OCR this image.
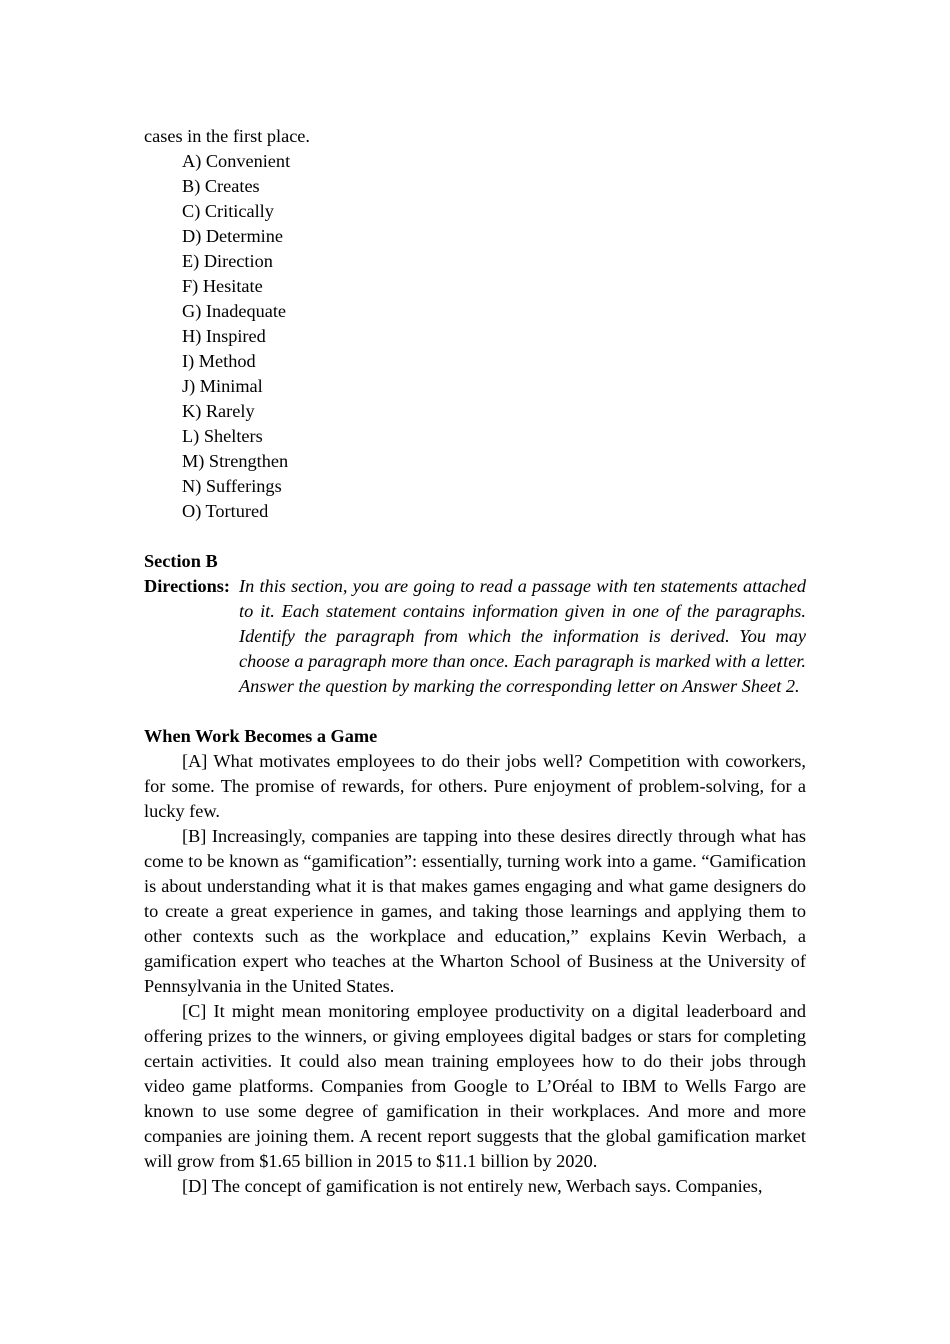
cases in the first place.

A) Convenient

B) Creates

C) Critically

D) Determine

E) Direction

F) Hesitate

G) Inadequate

H) Inspired

I) Method

J) Minimal

K) Rarely

L) Shelters

M) Strengthen

N) Sufferings

O) Tortured

Section B

Directions: In this section, you are going to read a passage with ten statements attached to it. Each statement contains information given in one of the paragraphs. Identify the paragraph from which the information is derived. You may choose a paragraph more than once. Each paragraph is marked with a letter. Answer the question by marking the corresponding letter on Answer Sheet 2.

When Work Becomes a Game

[A] What motivates employees to do their jobs well? Competition with coworkers, for some. The promise of rewards, for others. Pure enjoyment of problem-solving, for a lucky few.

[B] Increasingly, companies are tapping into these desires directly through what has come to be known as “gamification”: essentially, turning work into a game. “Gamification is about understanding what it is that makes games engaging and what game designers do to create a great experience in games, and taking those learnings and applying them to other contexts such as the workplace and education,” explains Kevin Werbach, a gamification expert who teaches at the Wharton School of Business at the University of Pennsylvania in the United States.

[C] It might mean monitoring employee productivity on a digital leaderboard and offering prizes to the winners, or giving employees digital badges or stars for completing certain activities. It could also mean training employees how to do their jobs through video game platforms. Companies from Google to L’Oréal to IBM to Wells Fargo are known to use some degree of gamification in their workplaces. And more and more companies are joining them. A recent report suggests that the global gamification market will grow from $1.65 billion in 2015 to $11.1 billion by 2020.

[D] The concept of gamification is not entirely new, Werbach says. Companies,
